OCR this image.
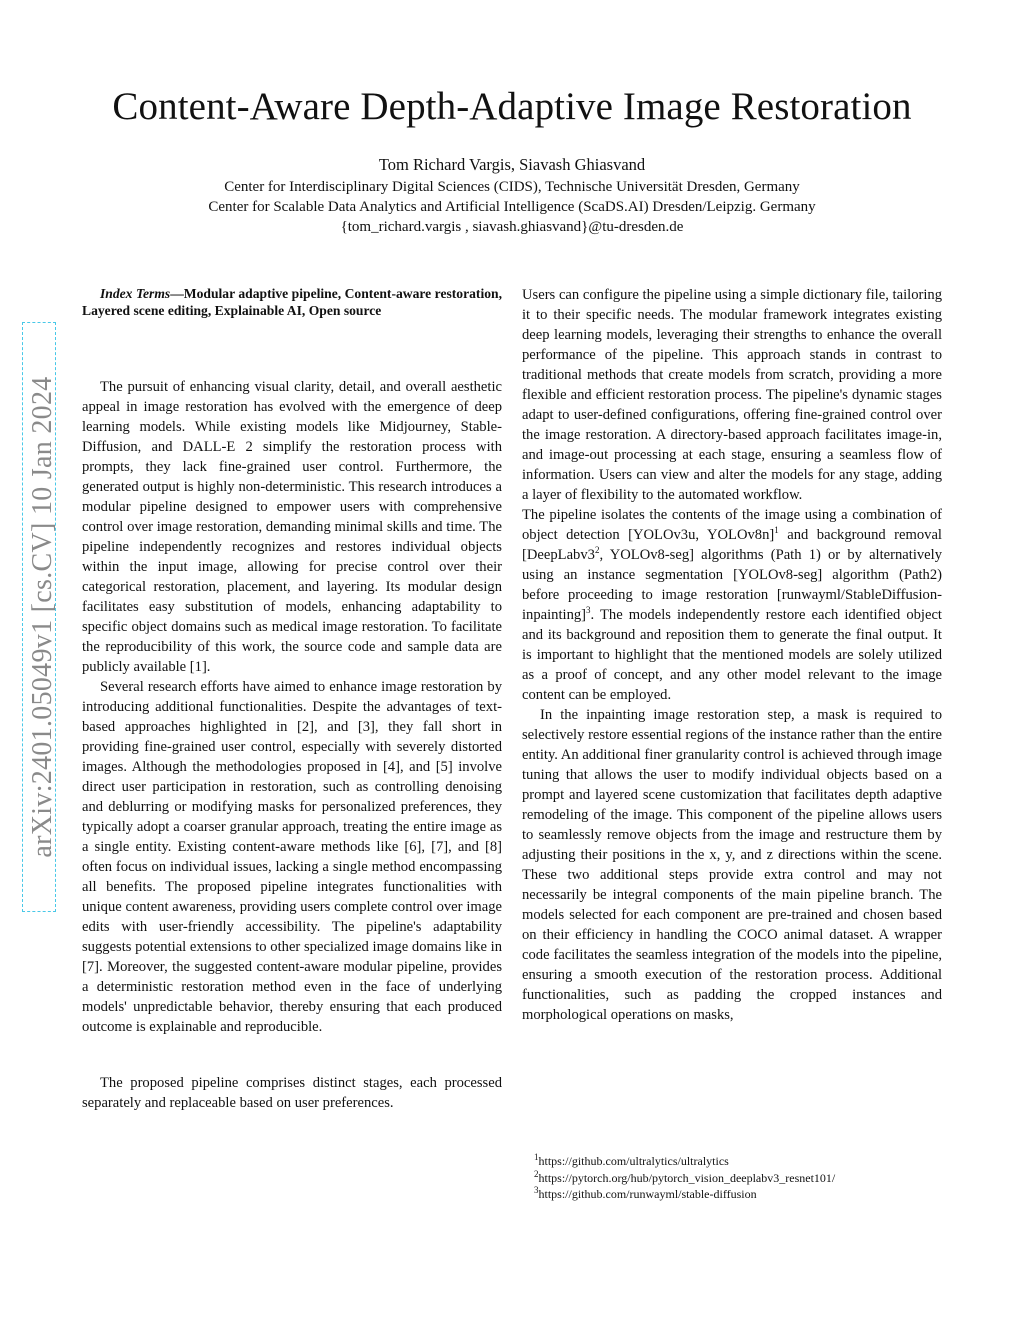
Content-Aware Depth-Adaptive Image Restoration
Tom Richard Vargis, Siavash Ghiasvand
Center for Interdisciplinary Digital Sciences (CIDS), Technische Universität Dresden, Germany
Center for Scalable Data Analytics and Artificial Intelligence (ScaDS.AI) Dresden/Leipzig. Germany
{tom_richard.vargis , siavash.ghiasvand}@tu-dresden.de
arXiv:2401.05049v1 [cs.CV] 10 Jan 2024

Index Terms—Modular adaptive pipeline, Content-aware restoration, Layered scene editing, Explainable AI, Open source

The pursuit of enhancing visual clarity, detail, and overall aesthetic appeal in image restoration has evolved with the emergence of deep learning models. While existing models like Midjourney, Stable-Diffusion, and DALL-E 2 simplify the restoration process with prompts, they lack fine-grained user control. Furthermore, the generated output is highly non-deterministic. This research introduces a modular pipeline designed to empower users with comprehensive control over image restoration, demanding minimal skills and time. The pipeline independently recognizes and restores individual objects within the input image, allowing for precise control over their categorical restoration, placement, and layering. Its modular design facilitates easy substitution of models, enhancing adaptability to specific object domains such as medical image restoration. To facilitate the reproducibility of this work, the source code and sample data are publicly available [1].

Several research efforts have aimed to enhance image restoration by introducing additional functionalities. Despite the advantages of text-based approaches highlighted in [2], and [3], they fall short in providing fine-grained user control, especially with severely distorted images. Although the methodologies proposed in [4], and [5] involve direct user participation in restoration, such as controlling denoising and deblurring or modifying masks for personalized preferences, they typically adopt a coarser granular approach, treating the entire image as a single entity. Existing content-aware methods like [6], [7], and [8] often focus on individual issues, lacking a single method encompassing all benefits. The proposed pipeline integrates functionalities with unique content awareness, providing users complete control over image edits with user-friendly accessibility. The pipeline's adaptability suggests potential extensions to other specialized image domains like in [7]. Moreover, the suggested content-aware modular pipeline, provides a deterministic restoration method even in the face of underlying models' unpredictable behavior, thereby ensuring that each produced outcome is explainable and reproducible.

The proposed pipeline comprises distinct stages, each processed separately and replaceable based on user preferences.

Users can configure the pipeline using a simple dictionary file, tailoring it to their specific needs. The modular framework integrates existing deep learning models, leveraging their strengths to enhance the overall performance of the pipeline. This approach stands in contrast to traditional methods that create models from scratch, providing a more flexible and efficient restoration process. The pipeline's dynamic stages adapt to user-defined configurations, offering fine-grained control over the image restoration. A directory-based approach facilitates image-in, and image-out processing at each stage, ensuring a seamless flow of information. Users can view and alter the models for any stage, adding a layer of flexibility to the automated workflow.

The pipeline isolates the contents of the image using a combination of object detection [YOLOv3u, YOLOv8n]$^1$ and background removal [$DeepLabv3^2$, YOLOv8-seg] algorithms (Path 1) or by alternatively using an instance segmentation [YOLOv8-seg] algorithm (Path2) before proceeding to image restoration [runwayml/StableDiffusion-inpainting]$^3$. The models independently restore each identified object and its background and reposition them to generate the final output. It is important to highlight that the mentioned models are solely utilized as a proof of concept, and any other model relevant to the image content can be employed.

In the inpainting image restoration step, a mask is required to selectively restore essential regions of the instance rather than the entire entity. An additional finer granularity control is achieved through image tuning that allows the user to modify individual objects based on a prompt and layered scene customization that facilitates depth adaptive remodeling of the image. This component of the pipeline allows users to seamlessly remove objects from the image and restructure them by adjusting their positions in the x, y, and z directions within the scene. These two additional steps provide extra control and may not necessarily be integral components of the main pipeline branch. The models selected for each component are pre-trained and chosen based on their efficiency in handling the COCO animal dataset. A wrapper code facilitates the seamless integration of the models into the pipeline, ensuring a smooth execution of the restoration process. Additional functionalities, such as padding the cropped instances and morphological operations on masks,

$^1$https://github.com/ultralytics/ultralytics
$^2$https://pytorch.org/hub/pytorch_vision_deeplabv3_resnet101/
$^3$https://github.com/runwayml/stable-diffusion
